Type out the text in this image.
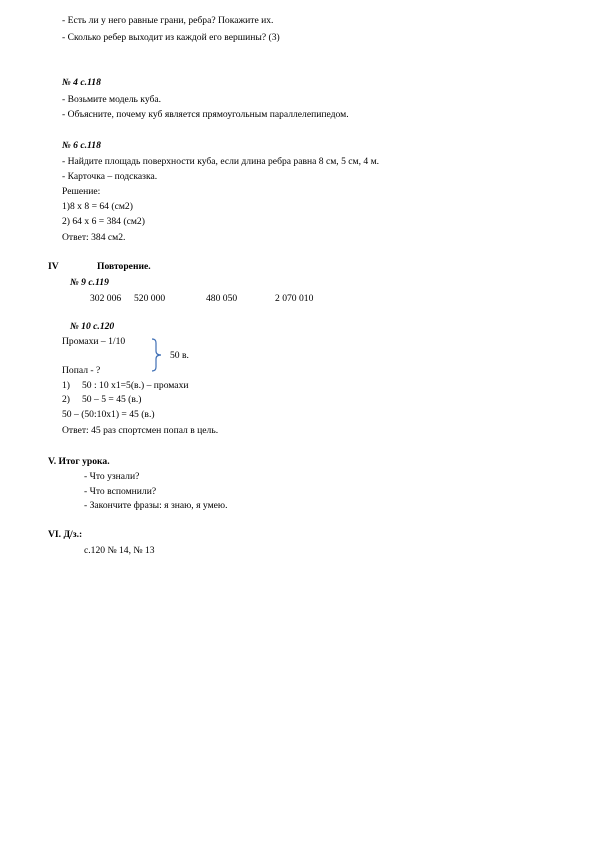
- Есть ли у него равные грани, ребра? Покажите их.
- Сколько ребер выходит из каждой его вершины? (3)
№ 4 с.118
- Возьмите модель куба.
- Объясните, почему куб является прямоугольным параллелепипедом.
№ 6 с.118
- Найдите площадь поверхности куба, если длина ребра равна 8 см, 5 см, 4 м.
- Карточка – подсказка.
Решение:
1)8 х 8 = 64 (см2)
2) 64 х 6 = 384 (см2)
Ответ: 384 см2.
IV	Повторение.
№ 9 с.119
302 006 520 000	480 050	2 070 010
№ 10 с.120
Промахи – 1/10
50 в.
Попал - ?
1) 50 : 10 х1=5(в.) – промахи
2) 50 – 5 = 45 (в.)
50 – (50:10х1) = 45 (в.)
Ответ: 45 раз спортсмен попал в цель.
V. Итог урока.
- Что узнали?
- Что вспомнили?
- Закончите фразы: я знаю, я умею.
VI. Д/з.:
с.120 № 14, № 13
